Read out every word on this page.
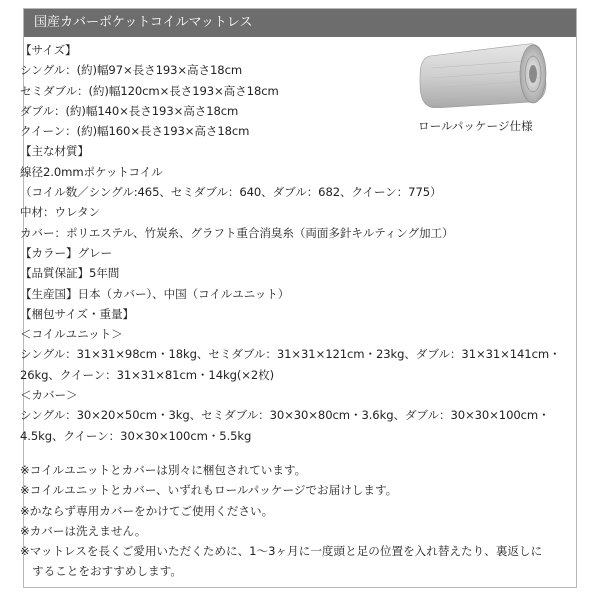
国産カバーポケットコイルマットレス
【サイズ】
シングル：(約)幅97×長さ193×高さ18cm
セミダブル：(約)幅120cm×長さ193×高さ18cm
ダブル：(約)幅140×長さ193×高さ18cm
クイーン：(約)幅160×長さ193×高さ18cm
【主な材質】
線径2.0mmポケットコイル
（コイル数／シングル:465、セミダブル：640、ダブル：682、クイーン：775）
中材：ウレタン
カバー：ポリエステル、竹炭糸、グラフト重合消臭糸（両面多針キルティング加工）
【カラー】グレー
【品質保証】5年間
【生産国】日本（カバー）、中国（コイルユニット）
【梱包サイズ・重量】
＜コイルユニット＞
シングル：31×31×98cm・18kg、セミダブル：31×31×121cm・23kg、ダブル：31×31×141cm・
26kg、クイーン：31×31×81cm・14kg(×2枚)
＜カバー＞
シングル：30×20×50cm・3kg、セミダブル：30×30×80cm・3.6kg、ダブル：30×30×100cm・
4.5kg、クイーン：30×30×100cm・5.5kg
※コイルユニットとカバーは別々に梱包されています。
※コイルユニットとカバー、いずれもロールパッケージでお届けします。
※かならず専用カバーをかけてご使用ください。
※カバーは洗えません。
※マットレスを長くご愛用いただくために、1～3ヶ月に一度頭と足の位置を入れ替えたり、裏返しに
することをおすすめします。
ロールパッケージ仕様
